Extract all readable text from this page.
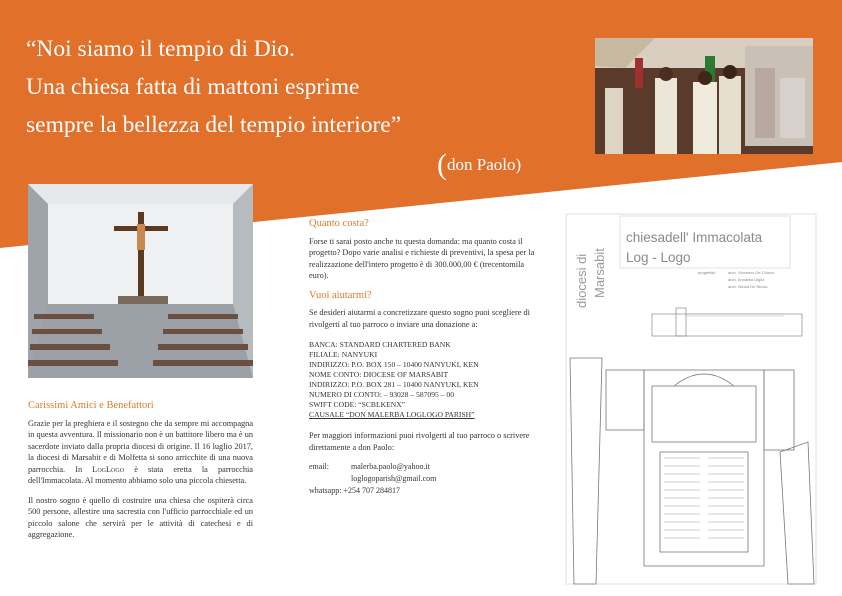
“Noi siamo il tempio di Dio.
Una chiesa fatta di mattoni esprime
sempre la bellezza del tempio interiore”
(don Paolo)
Carissimi Amici e Benefattori

Grazie per la preghiera e il sostegno che da sempre mi accompagna in questa avventura. Il missionario non è un battitore libero ma è un sacerdote inviato dalla propria diocesi di origine. Il 16 luglio 2017, la diocesi di Marsabit e di Molfetta si sono arricchite di una nuova parrocchia. In LogLogo è stata eretta la parrocchia dell'Immacolata. Al momento abbiamo solo una piccola chiesetta.

Il nostro sogno è quello di costruire una chiesa che ospiterà circa 500 persone, allestire una sacrestia con l'ufficio parrocchiale ed un piccolo salone che servirà per le attività di catechesi e di aggregazione.

Quanto costa?

Forse ti sarai posto anche tu questa domanda: ma quanto costa il progetto? Dopo varie analisi e richieste di preventivi, la spesa per la realizzazione dell'intero progetto è di 300.000,00 € (trecentomila euro).

Vuoi aiutarmi?

Se desideri aiutarmi a concretizzare questo sogno puoi scegliere di rivolgerti al tuo parroco o inviare una donazione a:

BANCA: STANDARD CHARTERED BANK
FILIALE: NANYUKI
INDIRIZZO: P.O. BOX 150 – 10400 NANYUKI, KEN
NOME CONTO: DIOCESE OF MARSABIT
INDIRIZZO: P.O. BOX 281 – 10400 NANYUKI, KEN
NUMERO DI CONTO: – 93028 – 587095 – 00
SWIFT CODE: “SCBLKENX”
CAUSALE “DON MALERBA LOGLOGO PARISH”

Per maggiori informazioni puoi rivolgerti al tuo parroco o scrivere direttamente a don Paolo:

email:	malerba.paolo@yahoo.it
loglogoparish@gmail.com
whatsapp: +254 707 284817
diocesi di Marsabit
chiesadell' Immacolata
Log - Logo
progettisti	arch. Vincenzo De Chirico
arch. Annalisa Digilo
arch. Nicola De Nicolo
